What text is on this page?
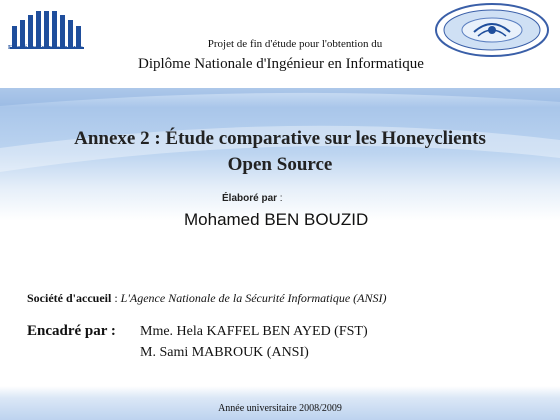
Faculté des Sciences de Tunis	Projet de fin d'étude pour l'obtention du
Diplôme Nationale d'Ingénieur en Informatique
Annexe 2 : Étude comparative sur les Honeyclients
Open Source
Élaboré par :
Mohamed BEN BOUZID
Société d'accueil : L'Agence Nationale de la Sécurité Informatique (ANSI)
Encadré par : Mme. Hela KAFFEL BEN AYED (FST)
M. Sami MABROUK (ANSI)
Année universitaire 2008/2009
